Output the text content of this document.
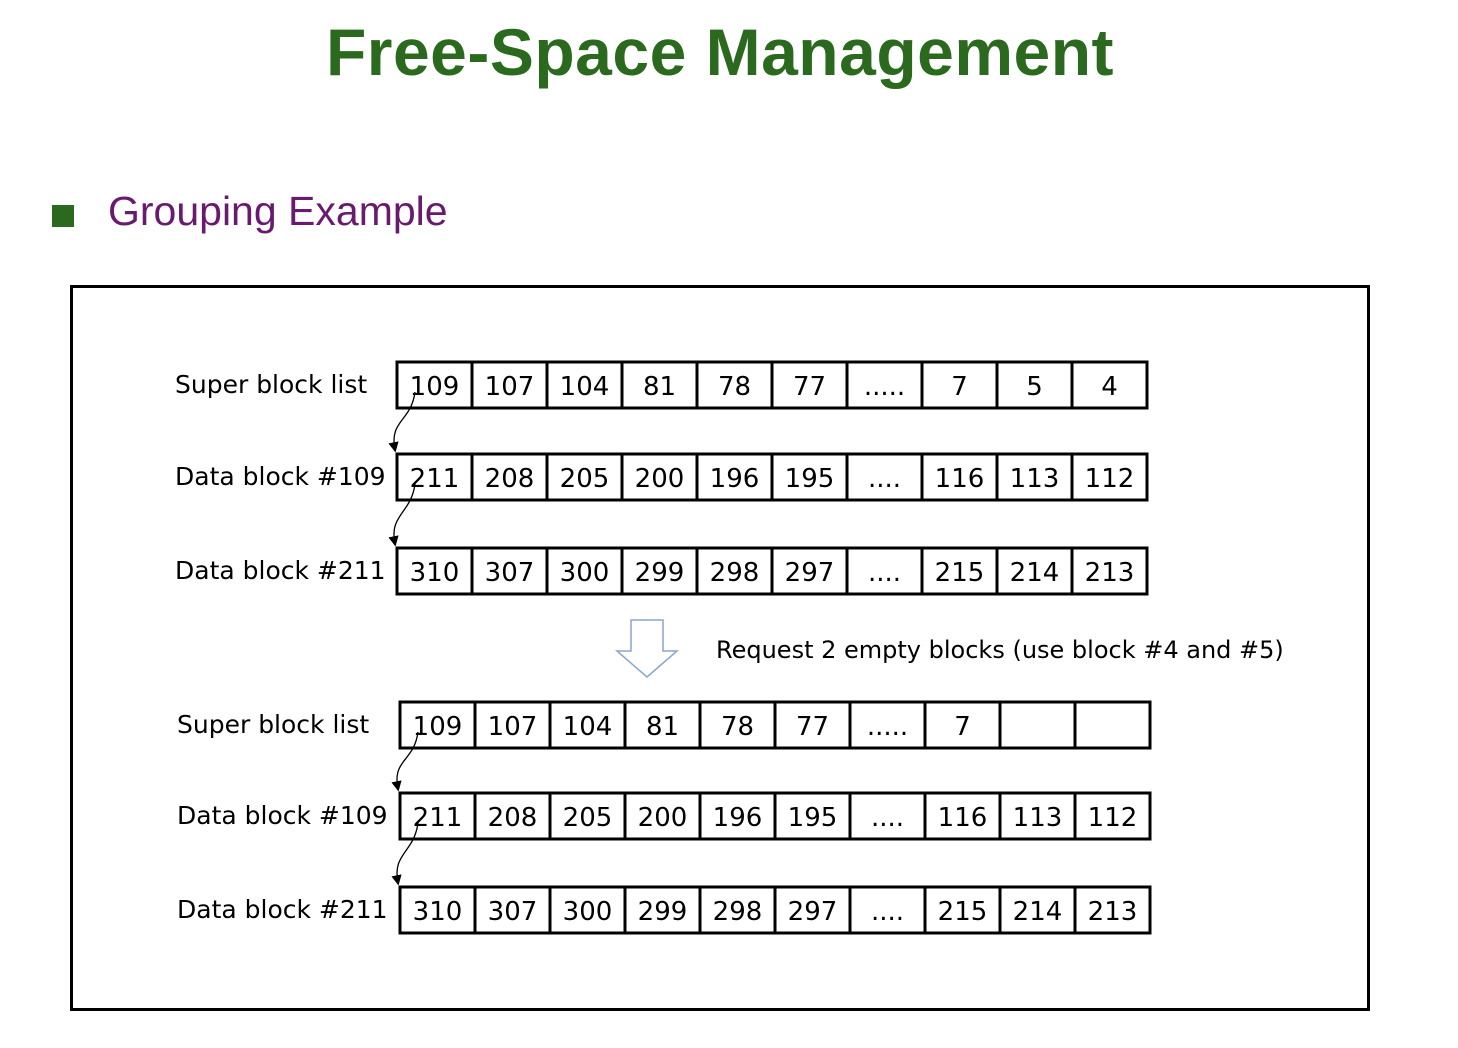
Free-Space Management
Grouping Example
Super block list 109 107 104 81 78 77 ..... 7 5 4
Data block #109 211 208 205 200 196 195 .... 116 113 112
Data block #211 310 307 300 299 298 297 .... 215 214 213
Super block list 109 107 104 81 78 77 ..... 7
Data block #109 211 208 205 200 196 195 .... 116 113 112
Data block #211 310 307 300 299 298 297 .... 215 214 213
Request 2 empty blocks (use block #4 and #5)
